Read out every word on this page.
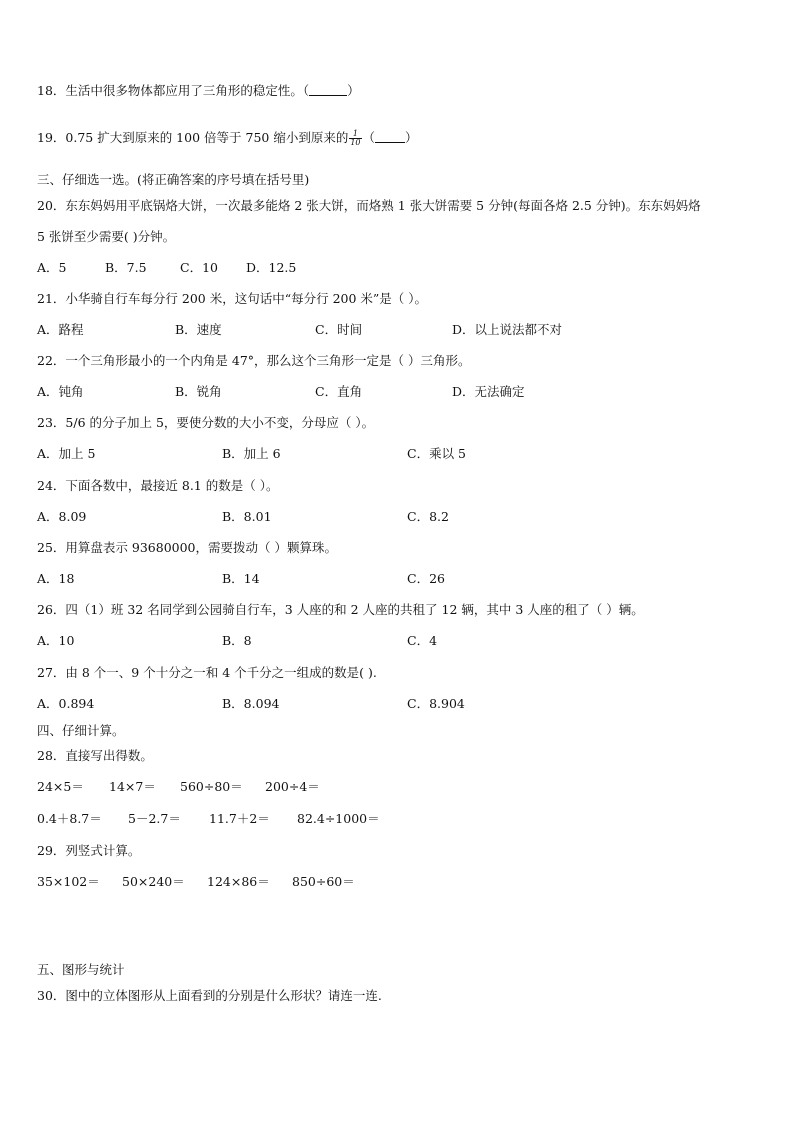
18．生活中很多物体都应用了三角形的稳定性。（	）
19．0.75 扩大到原来的 100 倍等于 750 缩小到原来的 $\frac{1}{10}$ （ ）
三、仔细选一选。(将正确答案的序号填在括号里)
20．东东妈妈用平底锅烙大饼，一次最多能烙 2 张大饼，而烙熟 1 张大饼需要 5 分钟(每面各烙 2.5 分钟)。东东妈妈烙
5 张饼至少需要( )分钟。
A．5	B．7.5	C．10 D．12.5
21．小华骑自行车每分行 200 米，这句话中“每分行 200 米”是（ ）。
A．路程	B．速度	C．时间	D．以上说法都不对
22．一个三角形最小的一个内角是 47°，那么这个三角形一定是（ ）三角形。
A．钝角	B．锐角	C．直角	D．无法确定
23．5/6 的分子加上 5，要使分数的大小不变，分母应（ ）。
A．加上 5	B．加上 6	C．乘以 5
24．下面各数中，最接近 8.1 的数是（ ）。
A．8.09	B．8.01	C．8.2
25．用算盘表示 93680000，需要拨动（ ）颗算珠。
A．18	B．14	C．26
26．四（1）班 32 名同学到公园骑自行车，3 人座的和 2 人座的共租了 12 辆，其中 3 人座的租了（ ）辆。
A．10	B．8	C．4
27．由 8 个一、9 个十分之一和 4 个千分之一组成的数是( ).
A．0.894	B．8.094	C．8.904
四、仔细计算。
28．直接写出得数。
24×5＝ 14×7＝ 560÷80＝ 200÷4＝
0.4＋8.7＝ 5－2.7＝ 11.7＋2＝ 82.4÷1000＝
29．列竖式计算。
35×102＝ 50×240＝ 124×86＝ 850÷60＝
五、图形与统计
30．图中的立体图形从上面看到的分别是什么形状？请连一连.
